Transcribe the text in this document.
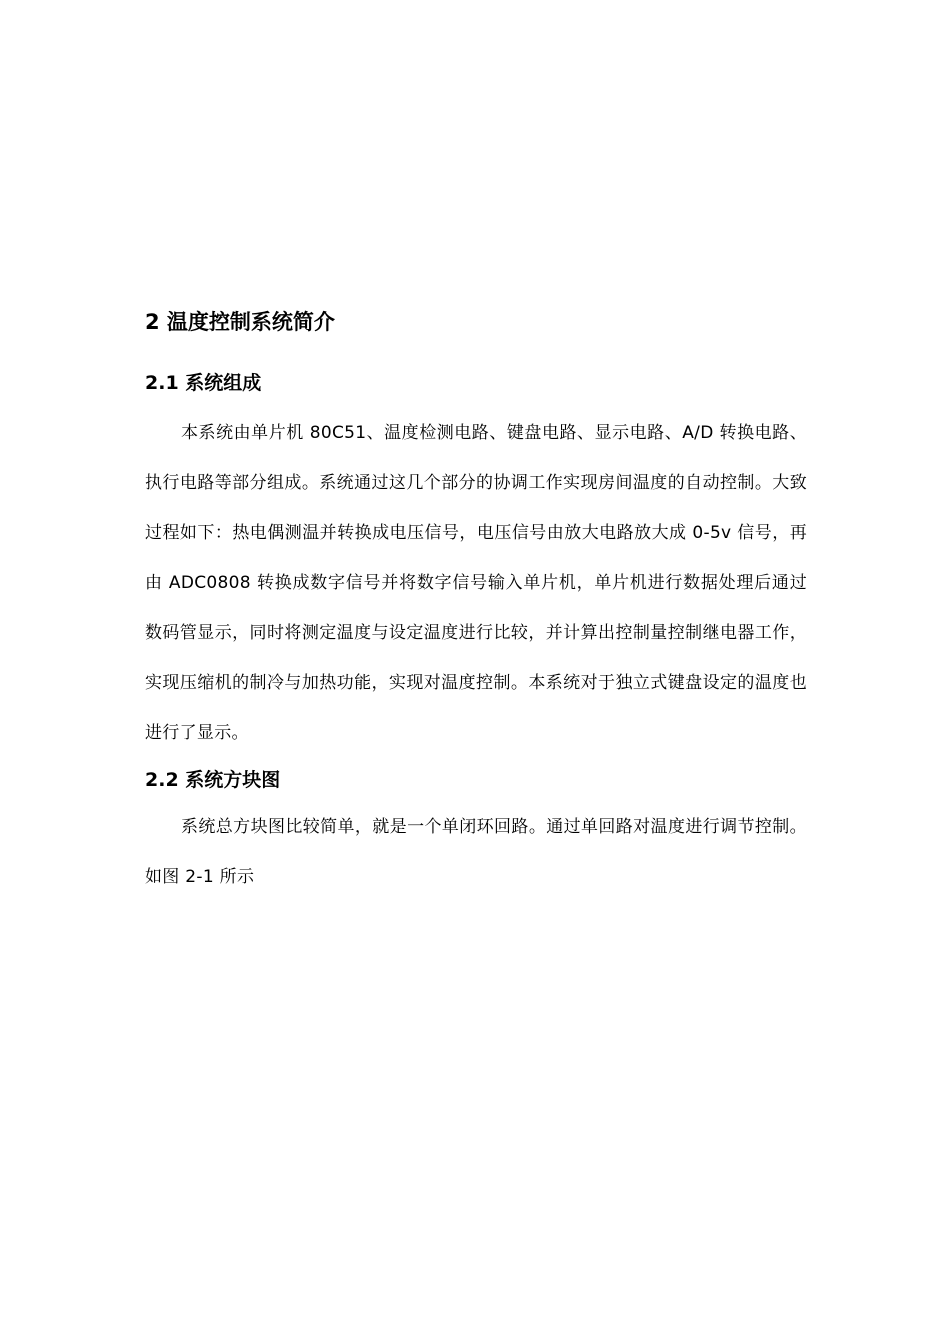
2 温度控制系统简介
2.1 系统组成

本系统由单片机 80C51、温度检测电路、键盘电路、显示电路、A/D 转换电路、执行电路等部分组成。系统通过这几个部分的协调工作实现房间温度的自动控制。大致过程如下：热电偶测温并转换成电压信号，电压信号由放大电路放大成 0-5v 信号，再由 ADC0808 转换成数字信号并将数字信号输入单片机，单片机进行数据处理后通过数码管显示，同时将测定温度与设定温度进行比较，并计算出控制量控制继电器工作，实现压缩机的制冷与加热功能，实现对温度控制。本系统对于独立式键盘设定的温度也进行了显示。

2.2 系统方块图

系统总方块图比较简单，就是一个单闭环回路。通过单回路对温度进行调节控制。如图 2-1 所示
